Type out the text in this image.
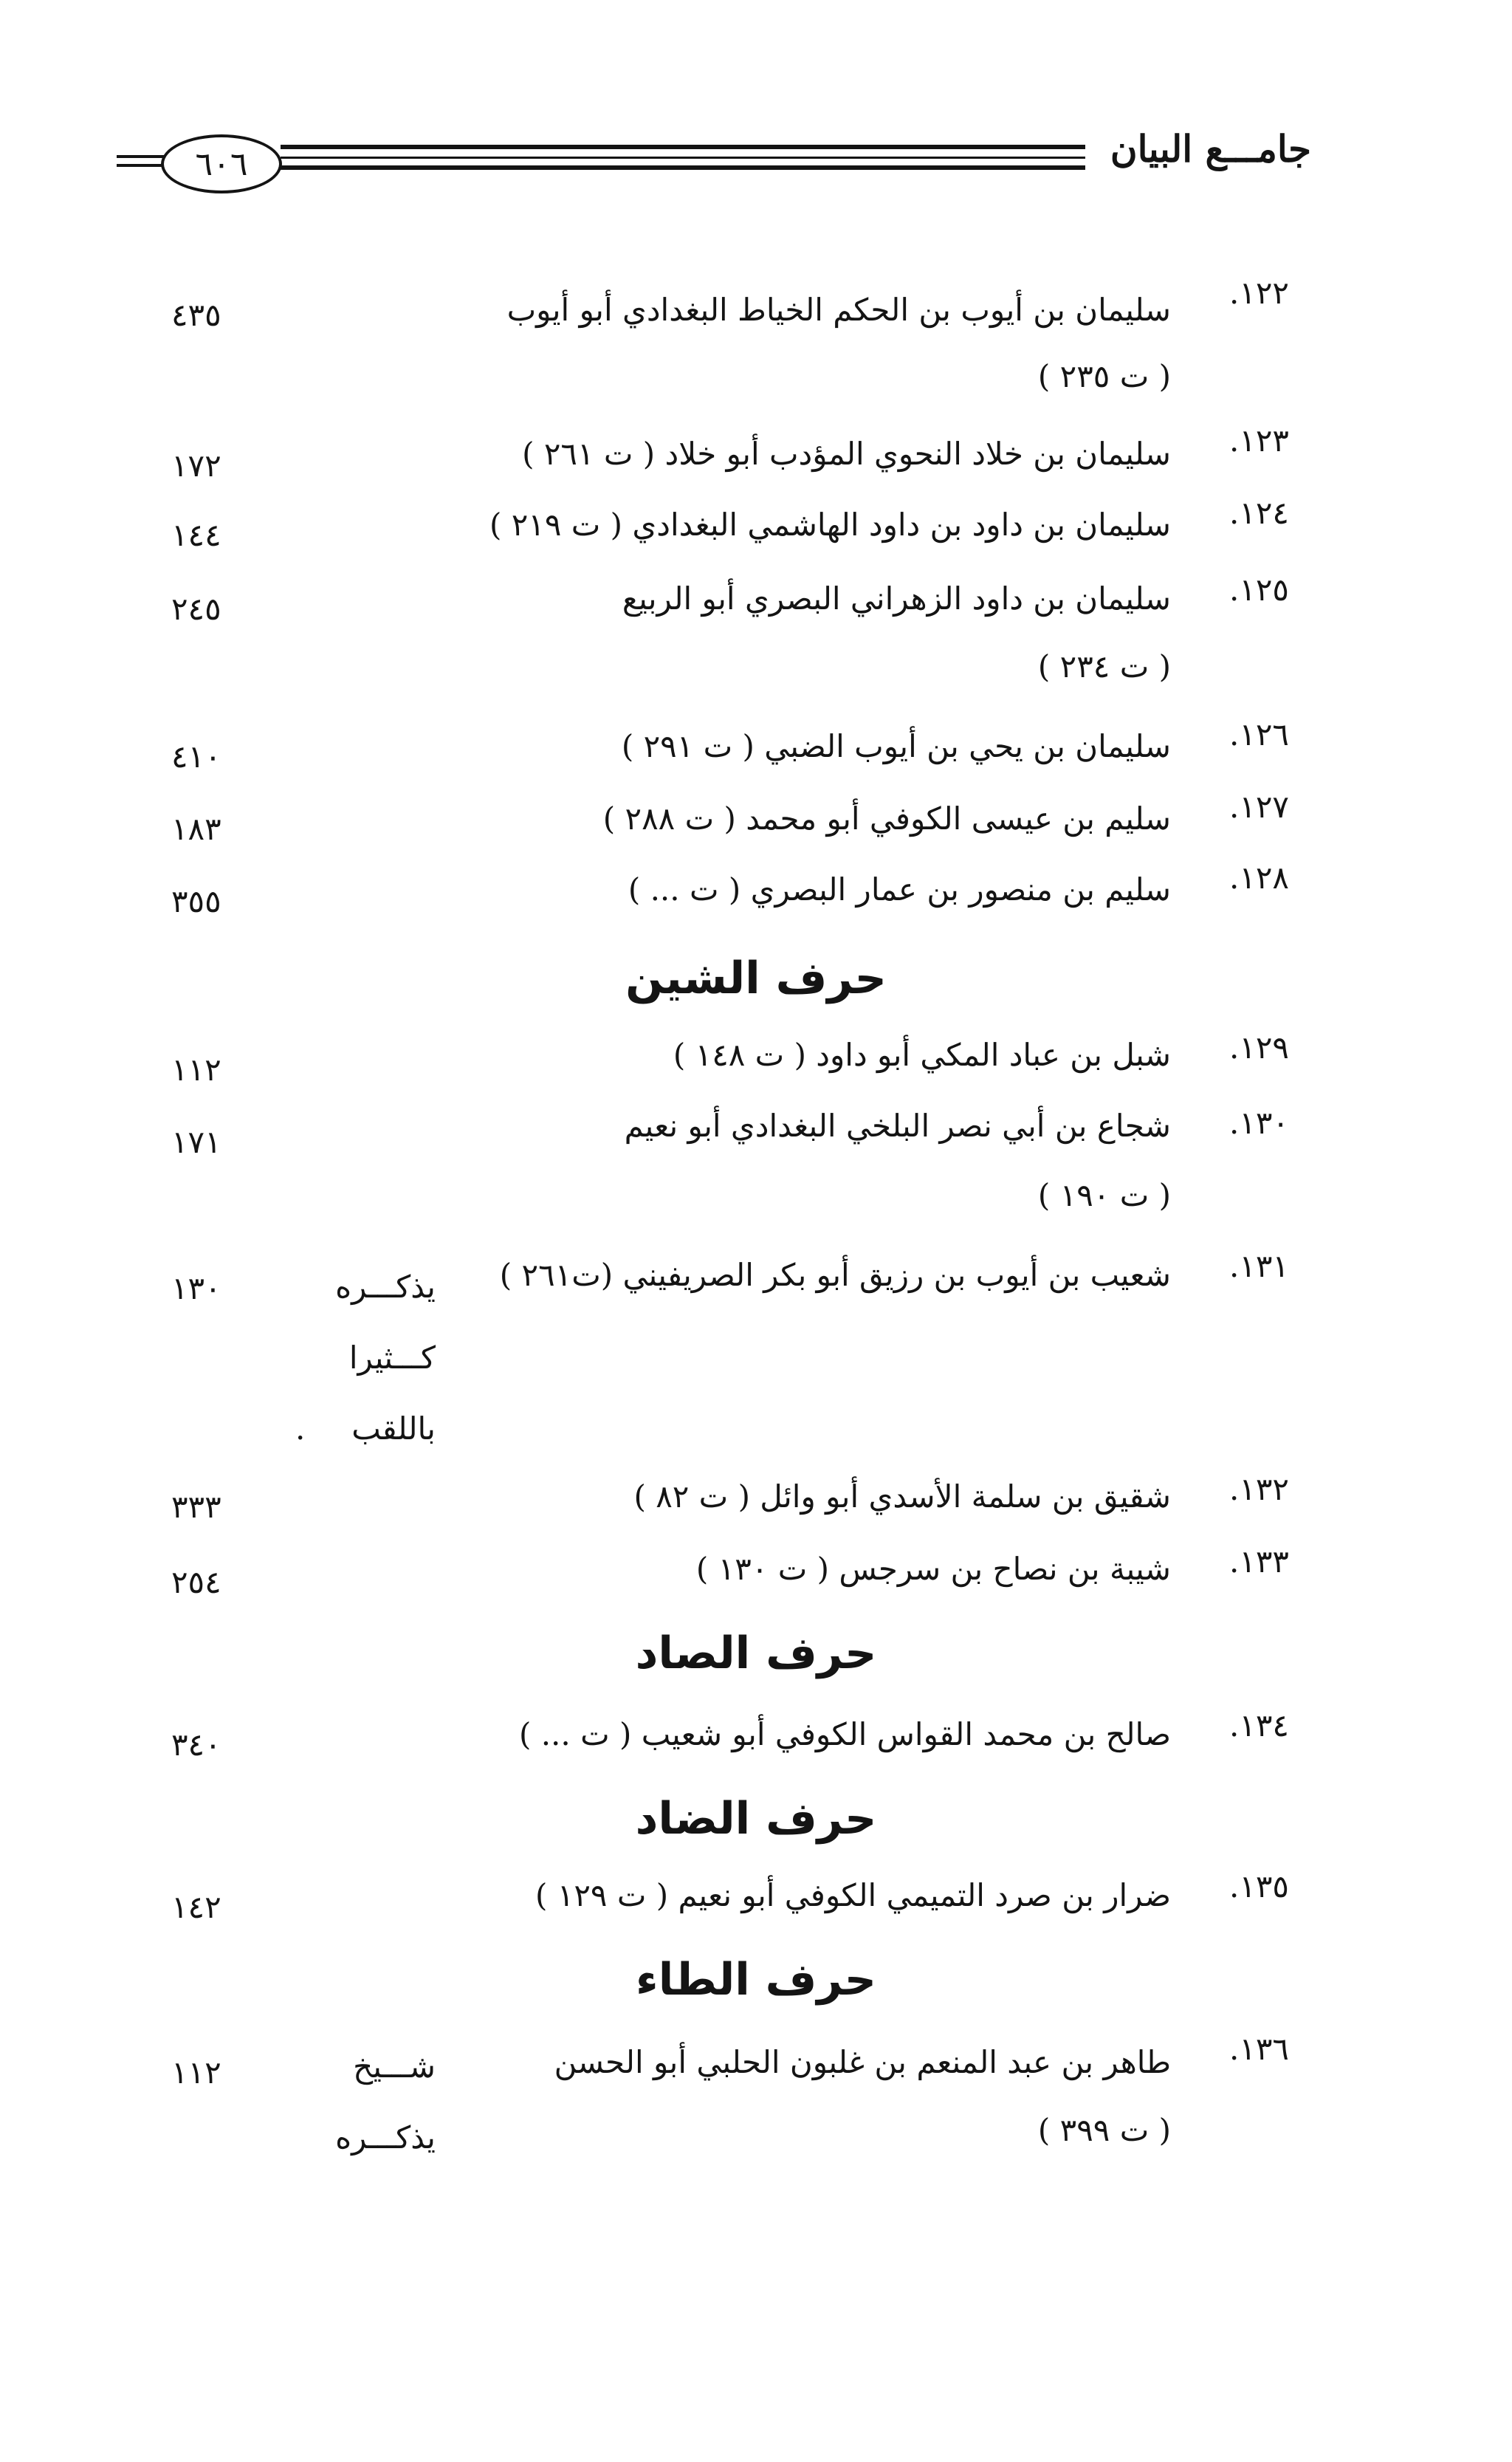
جامـــع البيان
٦٠٦
١٢٢.
سليمان بن أيوب بن الحكم الخياط البغدادي أبو أيوب
( ت ٢٣٥ )
٤٣٥
١٢٣.
سليمان بن خلاد النحوي المؤدب أبو خلاد ( ت ٢٦١ )
١٧٢
١٢٤.
سليمان بن داود بن داود الهاشمي البغدادي ( ت ٢١٩ )
١٤٤
١٢٥.
سليمان بن داود الزهراني البصري أبو الربيع
( ت ٢٣٤ )
٢٤٥
١٢٦.
سليمان بن يحي بن أيوب الضبي ( ت ٢٩١ )
٤١٠
١٢٧.
سليم بن عيسى الكوفي أبو محمد ( ت ٢٨٨ )
١٨٣
١٢٨.
سليم بن منصور بن عمار البصري ( ت ... )
٣٥٥
حرف الشين
١٢٩.
شبل بن عباد المكي أبو داود ( ت ١٤٨ )
١١٢
١٣٠.
شجاع بن أبي نصر البلخي البغدادي أبو نعيم
( ت ١٩٠ )
١٧١
١٣١.
شعيب بن أيوب بن رزيق أبو بكر الصريفيني (ت٢٦١ )
١٣٠	يذكـــره
كـــثيرا
باللقب .
١٣٢.
شقيق بن سلمة الأسدي أبو وائل ( ت ٨٢ )
٣٣٣
١٣٣.
شيبة بن نصاح بن سرجس ( ت ١٣٠ )
٢٥٤
حرف الصاد
١٣٤.
صالح بن محمد القواس الكوفي أبو شعيب ( ت ... )
٣٤٠
حرف الضاد
١٣٥.
ضرار بن صرد التميمي الكوفي أبو نعيم ( ت ١٢٩ )
١٤٢
حرف الطاء
١٣٦.
طاهر بن عبد المنعم بن غلبون الحلبي أبو الحسن
( ت ٣٩٩ )
١١٢	شـــيخ
يذكـــره
